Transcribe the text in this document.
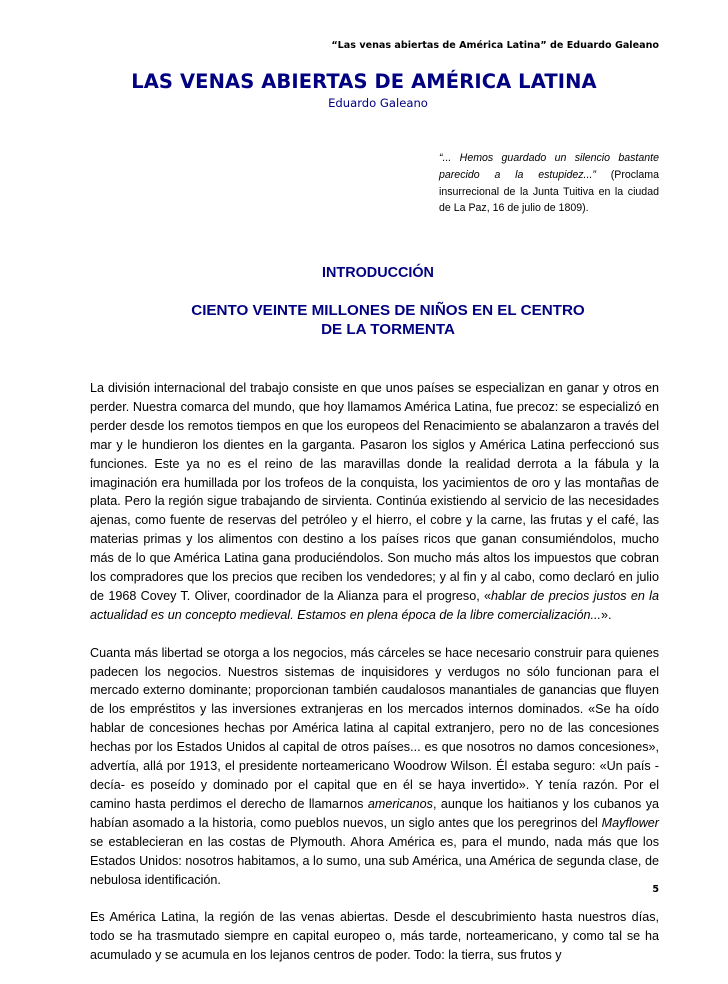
“Las venas abiertas de América Latina” de Eduardo Galeano
LAS VENAS ABIERTAS DE AMÉRICA LATINA
Eduardo Galeano
“... Hemos guardado un silencio bastante parecido a la estupidez...” (Proclama insurrecional de la Junta Tuitiva en la ciudad de La Paz, 16 de julio de 1809).
INTRODUCCIÓN
CIENTO VEINTE MILLONES DE NIÑOS EN EL CENTRO DE LA TORMENTA

La división internacional del trabajo consiste en que unos países se especializan en ganar y otros en perder. Nuestra comarca del mundo, que hoy llamamos América Latina, fue precoz: se especializó en perder desde los remotos tiempos en que los europeos del Renacimiento se abalanzaron a través del mar y le hundieron los dientes en la garganta. Pasaron los siglos y América Latina perfeccionó sus funciones. Este ya no es el reino de las maravillas donde la realidad derrota a la fábula y la imaginación era humillada por los trofeos de la conquista, los yacimientos de oro y las montañas de plata. Pero la región sigue trabajando de sirvienta. Continúa existiendo al servicio de las necesidades ajenas, como fuente de reservas del petróleo y el hierro, el cobre y la carne, las frutas y el café, las materias primas y los alimentos con destino a los países ricos que ganan consumiéndolos, mucho más de lo que América Latina gana produciéndolos. Son mucho más altos los impuestos que cobran los compradores que los precios que reciben los vendedores; y al fin y al cabo, como declaró en julio de 1968 Covey T. Oliver, coordinador de la Alianza para el progreso, «hablar de precios justos en la actualidad es un concepto medieval. Estamos en plena época de la libre comercialización...».

Cuanta más libertad se otorga a los negocios, más cárceles se hace necesario construir para quienes padecen los negocios. Nuestros sistemas de inquisidores y verdugos no sólo funcionan para el mercado externo dominante; proporcionan también caudalosos manantiales de ganancias que fluyen de los empréstitos y las inversiones extranjeras en los mercados internos dominados. «Se ha oído hablar de concesiones hechas por América latina al capital extranjero, pero no de las concesiones hechas por los Estados Unidos al capital de otros países... es que nosotros no damos concesiones», advertía, allá por 1913, el presidente norteamericano Woodrow Wilson. Él estaba seguro: «Un país -decía- es poseído y dominado por el capital que en él se haya invertido». Y tenía razón. Por el camino hasta perdimos el derecho de llamarnos americanos, aunque los haitianos y los cubanos ya habían asomado a la historia, como pueblos nuevos, un siglo antes que los peregrinos del Mayflower se establecieran en las costas de Plymouth. Ahora América es, para el mundo, nada más que los Estados Unidos: nosotros habitamos, a lo sumo, una sub América, una América de segunda clase, de nebulosa identificación.

Es América Latina, la región de las venas abiertas. Desde el descubrimiento hasta nuestros días, todo se ha trasmutado siempre en capital europeo o, más tarde, norteamericano, y como tal se ha acumulado y se acumula en los lejanos centros de poder. Todo: la tierra, sus frutos y

5
